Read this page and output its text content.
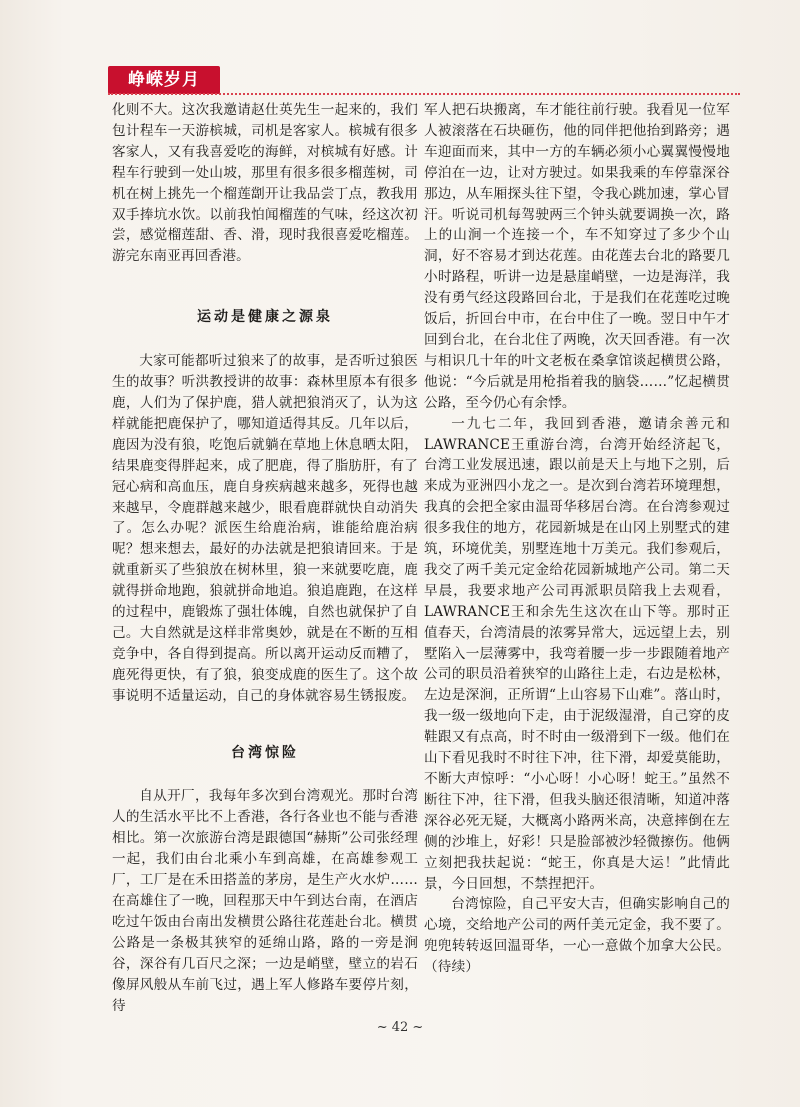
峥嵘岁月

化则不大。这次我邀请赵仕英先生一起来的，我们包计程车一天游槟城，司机是客家人。槟城有很多客家人，又有我喜爱吃的海鲜，对槟城有好感。计程车行驶到一处山坡，那里有很多很多榴莲树，司机在树上挑先一个榴莲劏开让我品尝丁点，教我用双手捧坑水饮。以前我怕闻榴莲的气味，经这次初尝，感觉榴莲甜、香、滑，现时我很喜爱吃榴莲。游完东南亚再回香港。

运动是健康之源泉

大家可能都听过狼来了的故事，是否听过狼医生的故事？听洪教授讲的故事：森林里原本有很多鹿，人们为了保护鹿，猎人就把狼消灭了，认为这样就能把鹿保护了，哪知道适得其反。几年以后，鹿因为没有狼，吃饱后就躺在草地上休息晒太阳，结果鹿变得胖起来，成了肥鹿，得了脂肪肝，有了冠心病和高血压，鹿自身疾病越来越多，死得也越来越早，令鹿群越来越少，眼看鹿群就快自动消失了。怎么办呢？派医生给鹿治病，谁能给鹿治病呢？想来想去，最好的办法就是把狼请回来。于是就重新买了些狼放在树林里，狼一来就要吃鹿，鹿就得拼命地跑，狼就拼命地追。狼追鹿跑，在这样的过程中，鹿锻炼了强壮体魄，自然也就保护了自己。大自然就是这样非常奥妙，就是在不断的互相竞争中，各自得到提高。所以离开运动反而糟了，鹿死得更快，有了狼，狼变成鹿的医生了。这个故事说明不适量运动，自己的身体就容易生锈报废。

台湾惊险

自从开厂，我每年多次到台湾观光。那时台湾人的生活水平比不上香港，各行各业也不能与香港相比。第一次旅游台湾是跟德国“赫斯”公司张经理一起，我们由台北乘小车到高雄，在高雄参观工厂，工厂是在禾田搭盖的茅房，是生产火水炉……在高雄住了一晚，回程那天中午到达台南，在酒店吃过午饭由台南出发横贯公路往花莲赴台北。横贯公路是一条极其狭窄的延绵山路，路的一旁是涧谷，深谷有几百尺之深；一边是峭壁，壁立的岩石像屏风般从车前飞过，遇上军人修路车要停片刻，待

军人把石块搬离，车才能往前行驶。我看见一位军人被滚落在石块砸伤，他的同伴把他抬到路旁；遇车迎面而来，其中一方的车辆必须小心翼翼慢慢地停泊在一边，让对方驶过。如果我乘的车停靠深谷那边，从车厢探头往下望，令我心跳加速，掌心冒汗。听说司机每驾驶两三个钟头就要调换一次，路上的山涧一个连接一个，车不知穿过了多少个山洞，好不容易才到达花莲。由花莲去台北的路要几小时路程，听讲一边是悬崖峭壁，一边是海洋，我没有勇气经这段路回台北，于是我们在花莲吃过晚饭后，折回台中市，在台中住了一晚。翌日中午才回到台北，在台北住了两晚，次天回香港。有一次与相识几十年的叶文老板在桑拿馆谈起横贯公路，他说：“今后就是用枪指着我的脑袋……”忆起横贯公路，至今仍心有余悸。

一九七二年，我回到香港，邀请余善元和LAWRANCE王重游台湾，台湾开始经济起飞，台湾工业发展迅速，跟以前是天上与地下之别，后来成为亚洲四小龙之一。是次到台湾若环境理想，我真的会把全家由温哥华移居台湾。在台湾参观过很多我住的地方，花园新城是在山冈上别墅式的建筑，环境优美，别墅连地十万美元。我们参观后，我交了两千美元定金给花园新城地产公司。第二天早晨，我要求地产公司再派职员陪我上去观看，LAWRANCE王和余先生这次在山下等。那时正值春天，台湾清晨的浓雾异常大，远远望上去，别墅陷入一层薄雾中，我弯着腰一步一步跟随着地产公司的职员沿着狭窄的山路往上走，右边是松林，左边是深涧，正所谓“上山容易下山难”。落山时，我一级一级地向下走，由于泥级湿滑，自己穿的皮鞋跟又有点高，时不时由一级滑到下一级。他们在山下看见我时不时往下冲，往下滑，却爱莫能助，不断大声惊呼：“小心呀！小心呀！蛇王。”虽然不断往下冲，往下滑，但我头脑还很清晰，知道冲落深谷必死无疑，大概离小路两米高，决意摔倒在左侧的沙堆上，好彩！只是脸部被沙轻微擦伤。他俩立刻把我扶起说：“蛇王，你真是大运！”此情此景，今日回想，不禁捏把汗。

台湾惊险，自己平安大吉，但确实影响自己的心境，交给地产公司的两仟美元定金，我不要了。兜兜转转返回温哥华，一心一意做个加拿大公民。（待续）

~ 42 ~
